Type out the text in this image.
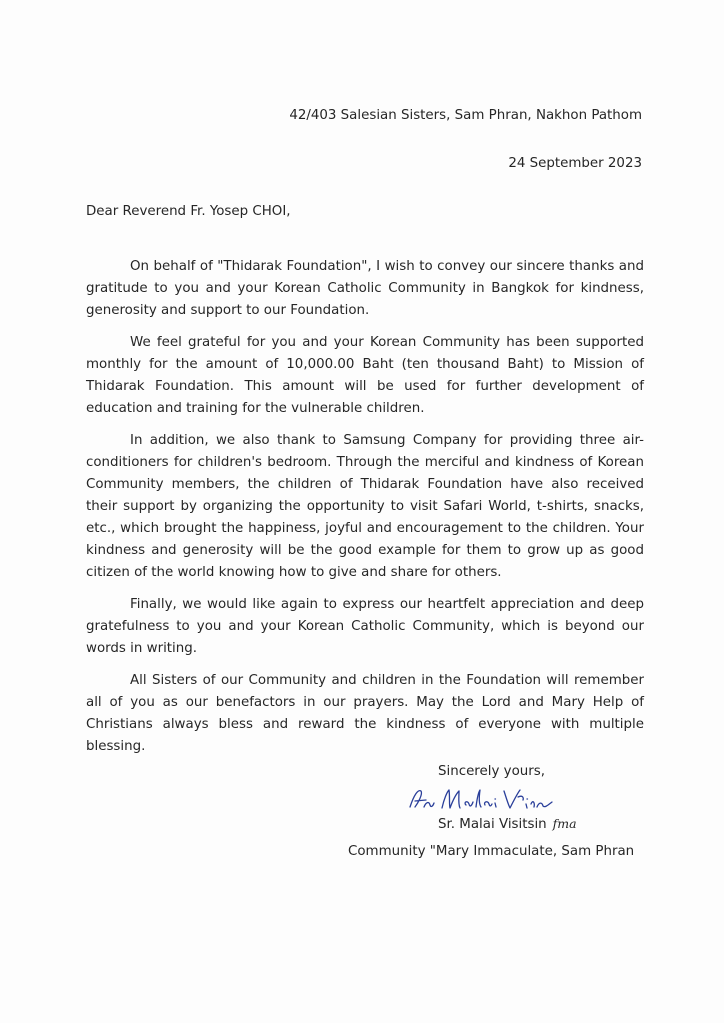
42/403 Salesian Sisters, Sam Phran, Nakhon Pathom
24 September 2023
Dear Reverend Fr. Yosep CHOI,

On behalf of "Thidarak Foundation", I wish to convey our sincere thanks and gratitude to you and your Korean Catholic Community in Bangkok for kindness, generosity and support to our Foundation.

We feel grateful for you and your Korean Community has been supported monthly for the amount of 10,000.00 Baht (ten thousand Baht) to Mission of Thidarak Foundation. This amount will be used for further development of education and training for the vulnerable children.

In addition, we also thank to Samsung Company for providing three air-conditioners for children's bedroom. Through the merciful and kindness of Korean Community members, the children of Thidarak Foundation have also received their support by organizing the opportunity to visit Safari World, t-shirts, snacks, etc., which brought the happiness, joyful and encouragement to the children. Your kindness and generosity will be the good example for them to grow up as good citizen of the world knowing how to give and share for others.

Finally, we would like again to express our heartfelt appreciation and deep gratefulness to you and your Korean Catholic Community, which is beyond our words in writing.

All Sisters of our Community and children in the Foundation will remember all of you as our benefactors in our prayers. May the Lord and Mary Help of Christians always bless and reward the kindness of everyone with multiple blessing.

Sincerely yours,
Sr. Malai Visitsin fma
Community "Mary Immaculate, Sam Phran
